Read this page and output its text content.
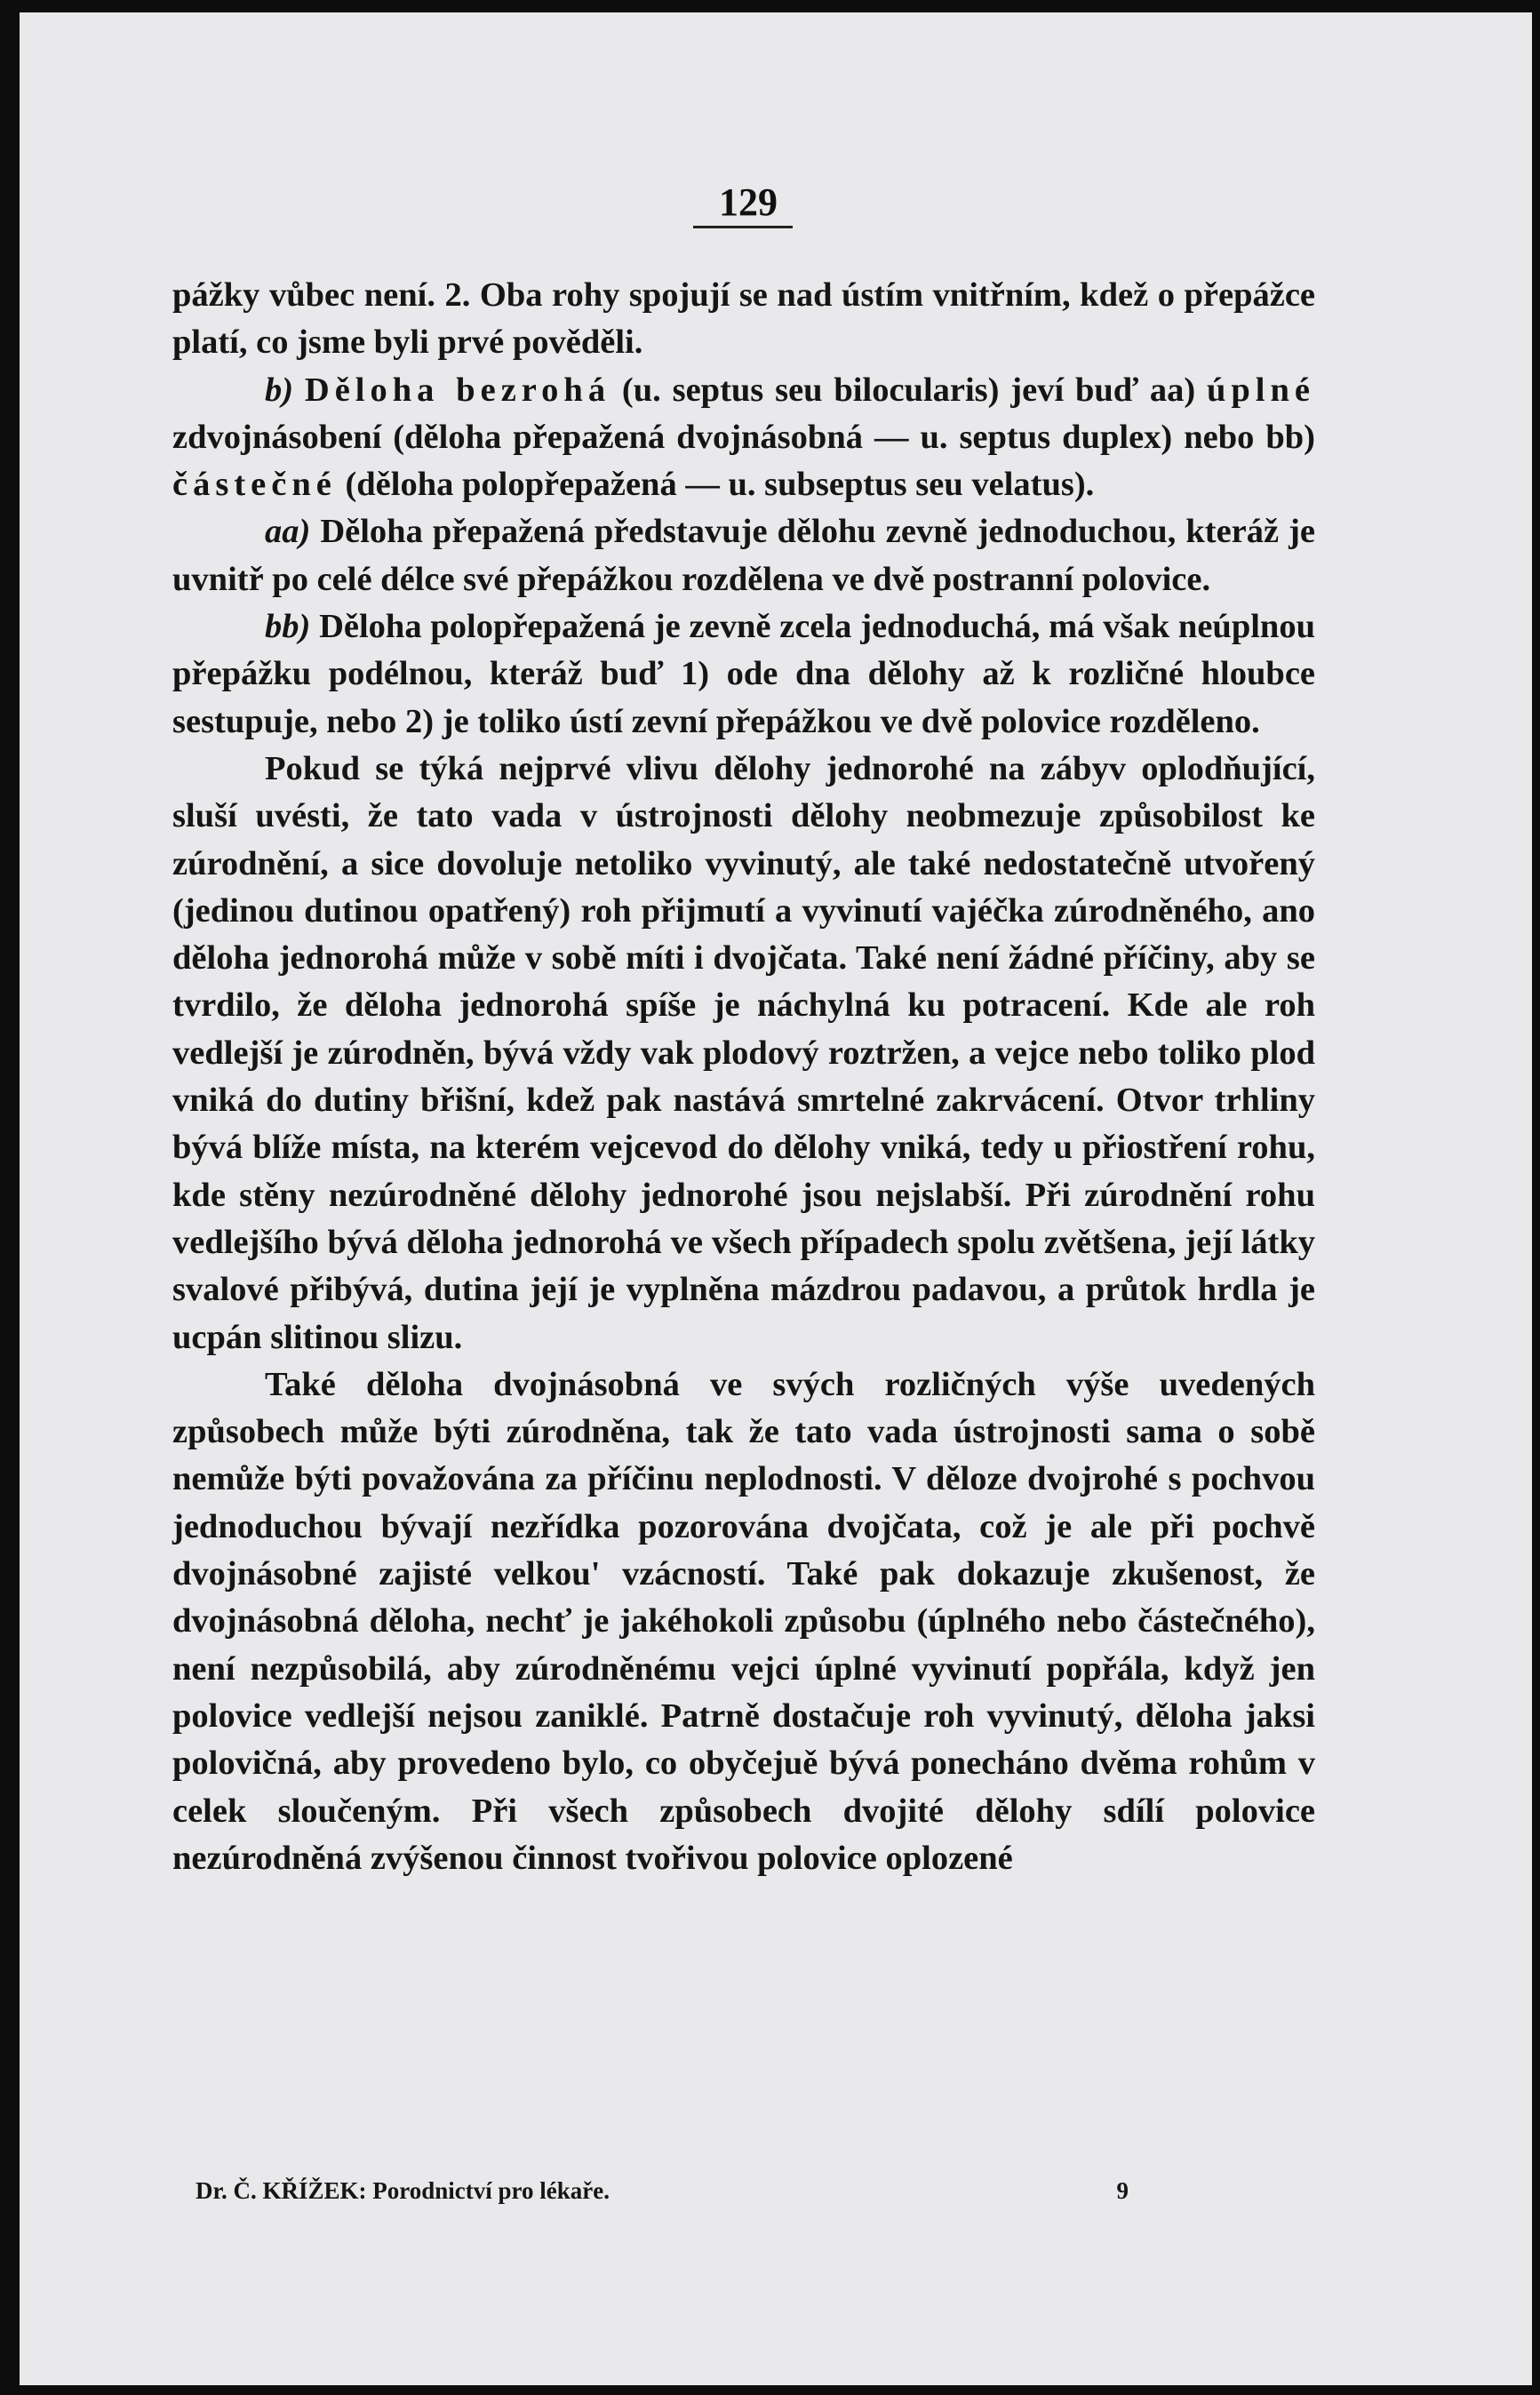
129

pážky vůbec není. 2. Oba rohy spojují se nad ústím vnitřním, kdež o přepážce platí, co jsme byli prvé pověděli.

b) Děloha bezrohá (u. septus seu bilocularis) jeví buď aa) úplné zdvojnásobení (děloha přepažená dvojnásobná — u. septus duplex) nebo bb) částečné (děloha polopřepažená — u. subseptus seu velatus).

aa) Děloha přepažená představuje dělohu zevně jednoduchou, kteráž je uvnitř po celé délce své přepážkou rozdělena ve dvě postranní polovice.

bb) Děloha polopřepažená je zevně zcela jednoduchá, má však neúplnou přepážku podélnou, kteráž buď 1) ode dna dělohy až k rozličné hloubce sestupuje, nebo 2) je toliko ústí zevní přepážkou ve dvě polovice rozděleno.

Pokud se týká nejprvé vlivu dělohy jednorohé na zábyv oplodňující, sluší uvésti, že tato vada v ústrojnosti dělohy neobmezuje způsobilost ke zúrodnění, a sice dovoluje netoliko vyvinutý, ale také nedostatečně utvořený (jedinou dutinou opatřený) roh přijmutí a vyvinutí vajéčka zúrodněného, ano děloha jednorohá může v sobě míti i dvojčata. Také není žádné příčiny, aby se tvrdilo, že děloha jednorohá spíše je náchylná ku potracení. Kde ale roh vedlejší je zúrodněn, bývá vždy vak plodový roztržen, a vejce nebo toliko plod vniká do dutiny břišní, kdež pak nastává smrtelné zakrvácení. Otvor trhliny bývá blíže místa, na kterém vejcevod do dělohy vniká, tedy u přiostření rohu, kde stěny nezúrodněné dělohy jednorohé jsou nejslabší. Při zúrodnění rohu vedlejšího bývá děloha jednorohá ve všech případech spolu zvětšena, její látky svalové přibývá, dutina její je vyplněna mázdrou padavou, a průtok hrdla je ucpán slitinou slizu.

Také děloha dvojnásobná ve svých rozličných výše uvedených způsobech může býti zúrodněna, tak že tato vada ústrojnosti sama o sobě nemůže býti považována za příčinu neplodnosti. V děloze dvojrohé s pochvou jednoduchou bývají nezřídka pozorována dvojčata, což je ale při pochvě dvojnásobné zajisté velkou' vzácností. Také pak dokazuje zkušenost, že dvojnásobná děloha, nechť je jakéhokoli způsobu (úplného nebo částečného), není nezpůsobilá, aby zúrodněnému vejci úplné vyvinutí popřála, když jen polovice vedlejší nejsou zaniklé. Patrně dostačuje roh vyvinutý, děloha jaksi polovičná, aby provedeno bylo, co obyčejuě bývá ponecháno dvěma rohům v celek sloučeným. Při všech způsobech dvojité dělohy sdílí polovice nezúrodněná zvýšenou činnost tvořivou polovice oplozené

Dr. Č. KŘÍŽEK: Porodnictví pro lékaře.	9
